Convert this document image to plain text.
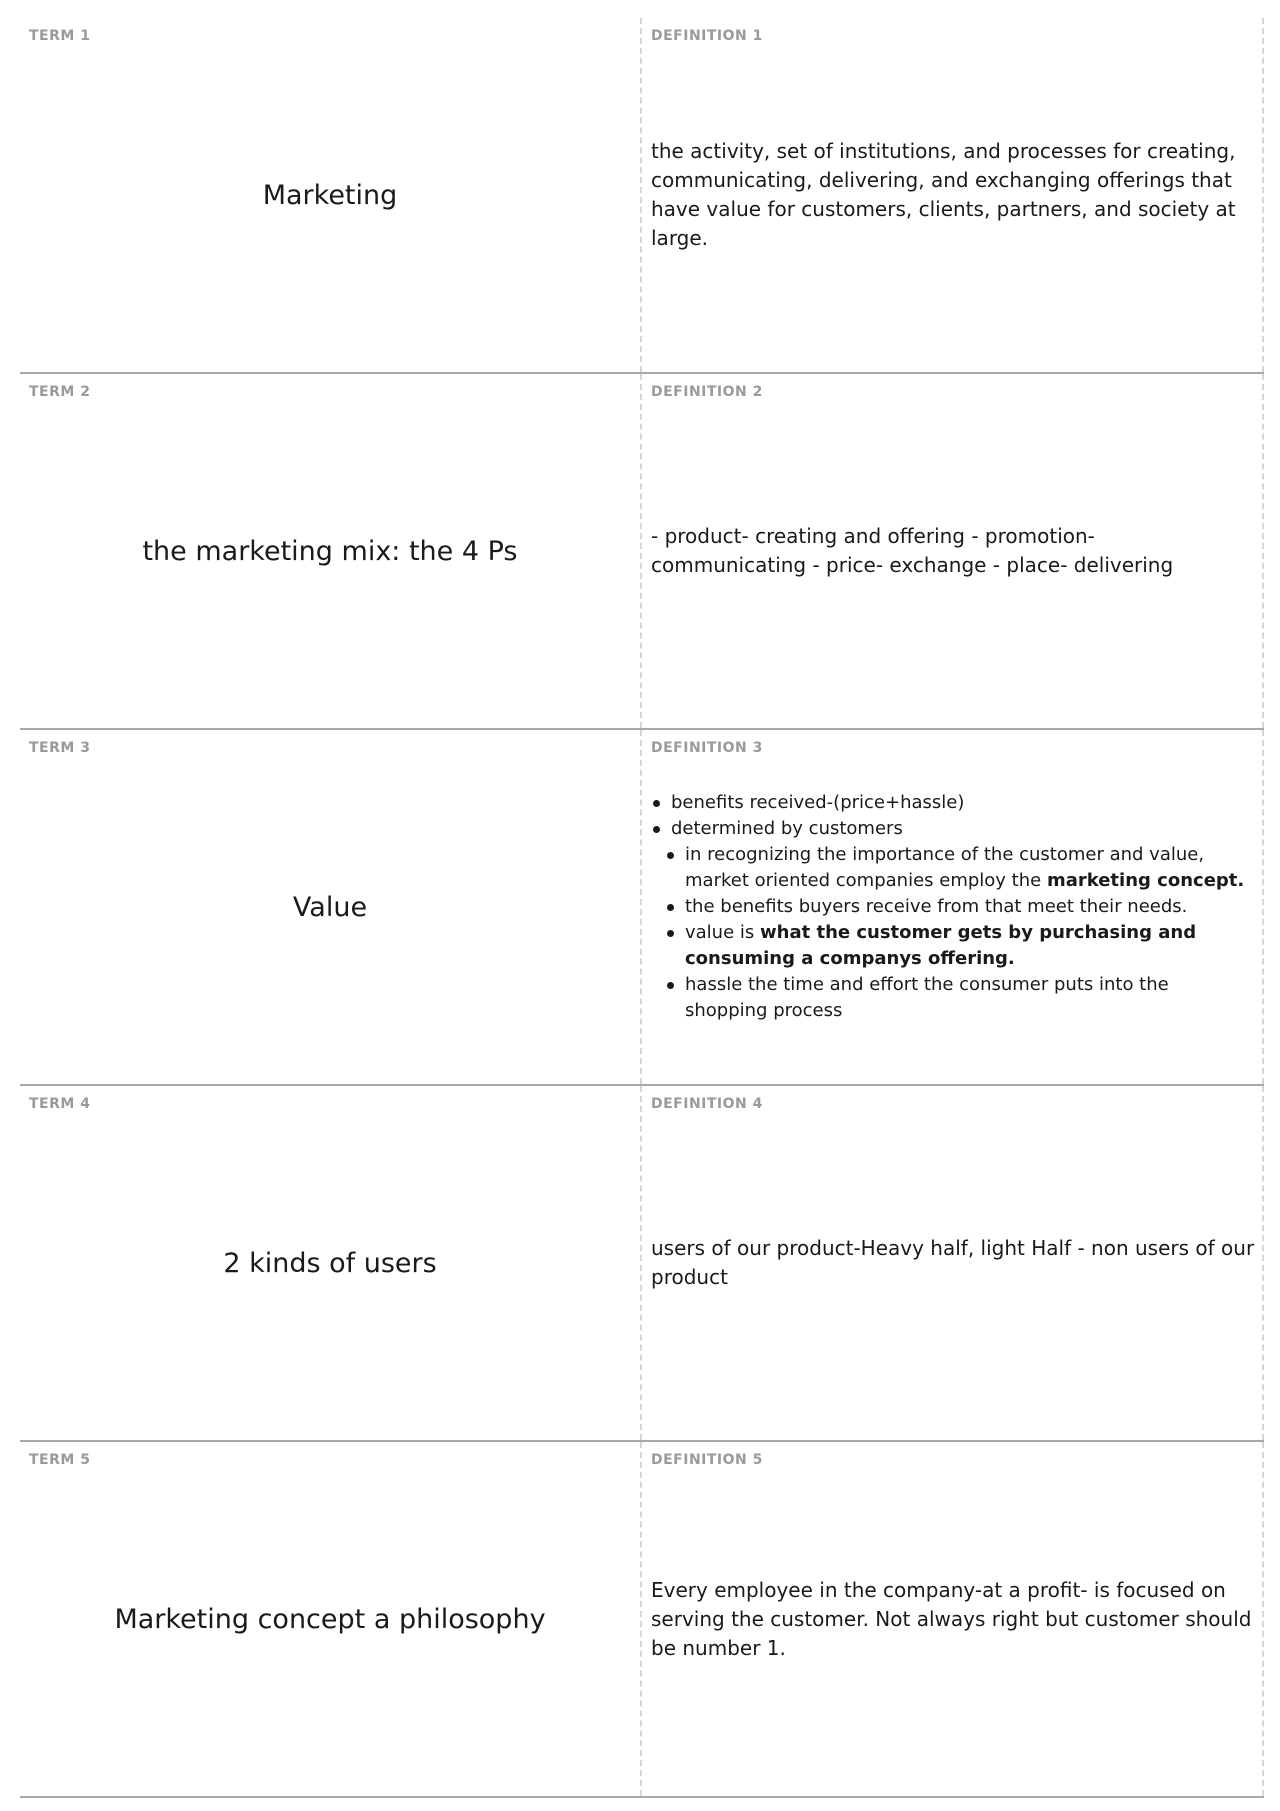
TERM 1
Marketing
DEFINITION 1

the activity, set of institutions, and processes for creating, communicating, delivering, and exchanging offerings that have value for customers, clients, partners, and society at large.

TERM 2
the marketing mix: the 4 Ps
DEFINITION 2

- product- creating and offering - promotion- communicating - price- exchange - place- delivering

TERM 3
Value
DEFINITION 3
benefits received-(price+hassle)
determined by customers
in recognizing the importance of the customer and value, market oriented companies employ the marketing concept.
the benefits buyers receive from that meet their needs.
value is what the customer gets by purchasing and consuming a companys offering.
hassle the time and effort the consumer puts into the shopping process
TERM 4
2 kinds of users
DEFINITION 4

users of our product-Heavy half, light Half - non users of our product

TERM 5
Marketing concept a philosophy
DEFINITION 5

Every employee in the company-at a profit- is focused on serving the customer. Not always right but customer should be number 1.
